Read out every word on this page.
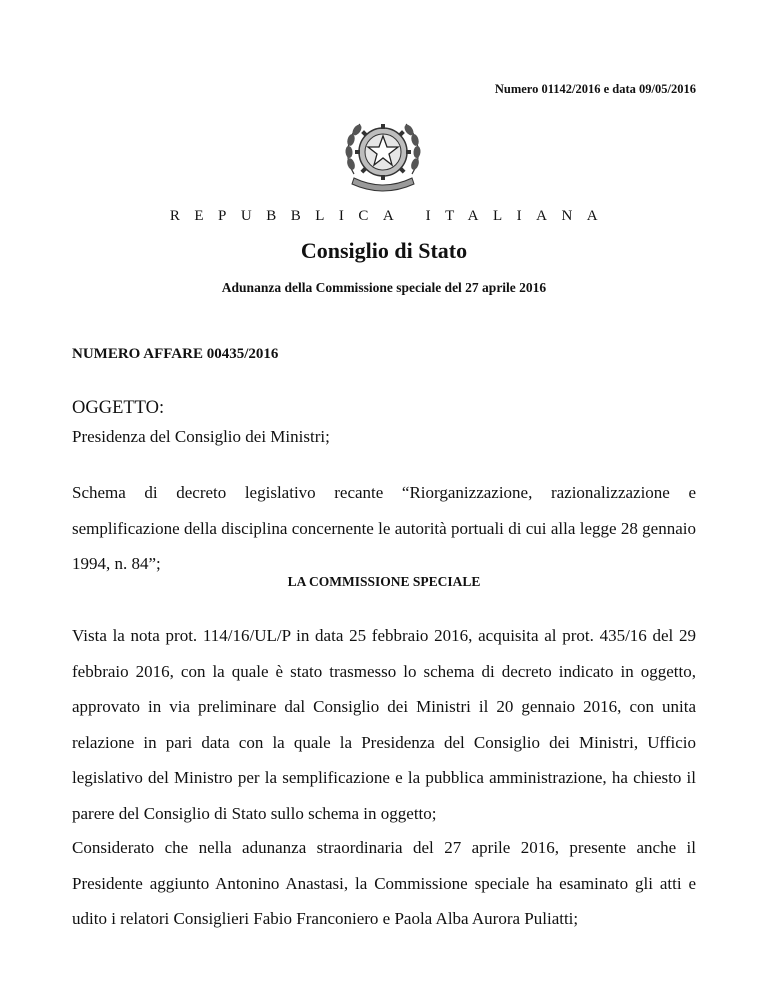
Numero 01142/2016 e data 09/05/2016
REPUBBLICA ITALIANA
Consiglio di Stato
Adunanza della Commissione speciale del 27 aprile 2016
NUMERO AFFARE 00435/2016
OGGETTO:
Presidenza del Consiglio dei Ministri;
Schema di decreto legislativo recante “Riorganizzazione, razionalizzazione e semplificazione della disciplina concernente le autorità portuali di cui alla legge 28 gennaio 1994, n. 84”;
LA COMMISSIONE SPECIALE
Vista la nota prot. 114/16/UL/P in data 25 febbraio 2016, acquisita al prot. 435/16 del 29 febbraio 2016, con la quale è stato trasmesso lo schema di decreto indicato in oggetto, approvato in via preliminare dal Consiglio dei Ministri il 20 gennaio 2016, con unita relazione in pari data con la quale la Presidenza del Consiglio dei Ministri, Ufficio legislativo del Ministro per la semplificazione e la pubblica amministrazione, ha chiesto il parere del Consiglio di Stato sullo schema in oggetto;
Considerato che nella adunanza straordinaria del 27 aprile 2016, presente anche il Presidente aggiunto Antonino Anastasi, la Commissione speciale ha esaminato gli atti e udito i relatori Consiglieri Fabio Franconiero e Paola Alba Aurora Puliatti;
